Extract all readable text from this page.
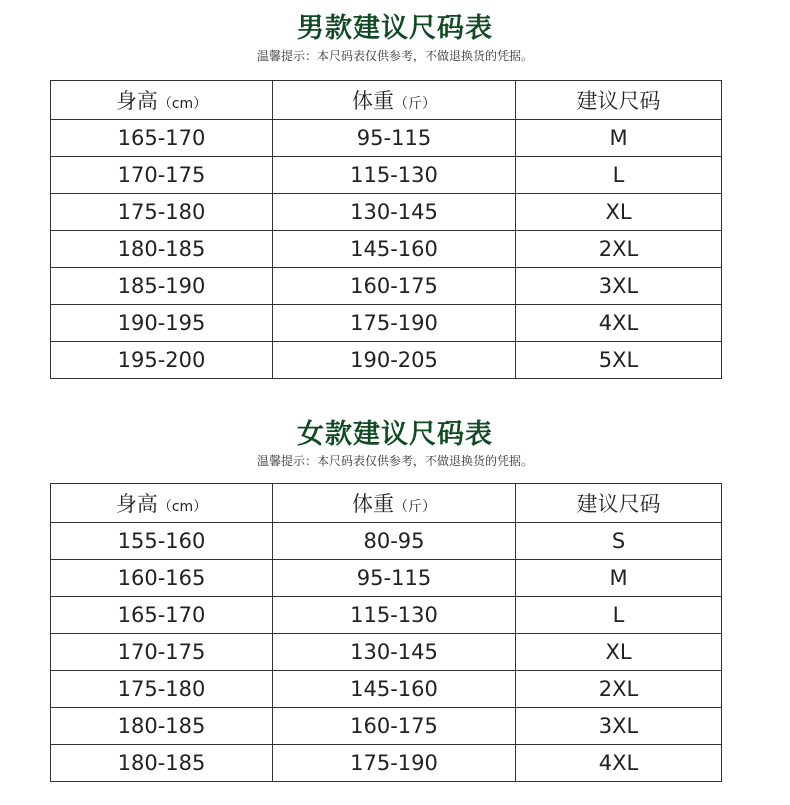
男款建议尺码表
温馨提示：本尺码表仅供参考，不做退换货的凭据。
身高（cm）	体重（斤）	建议尺码
165-170	95-115	M
170-175	115-130	L
175-180	130-145	XL
180-185	145-160	2XL
185-190	160-175	3XL
190-195	175-190	4XL
195-200	190-205	5XL
女款建议尺码表
温馨提示：本尺码表仅供参考，不做退换货的凭据。
身高（cm）	体重（斤）	建议尺码
155-160	80-95	S
160-165	95-115	M
165-170	115-130	L
170-175	130-145	XL
175-180	145-160	2XL
180-185	160-175	3XL
180-185	175-190	4XL
